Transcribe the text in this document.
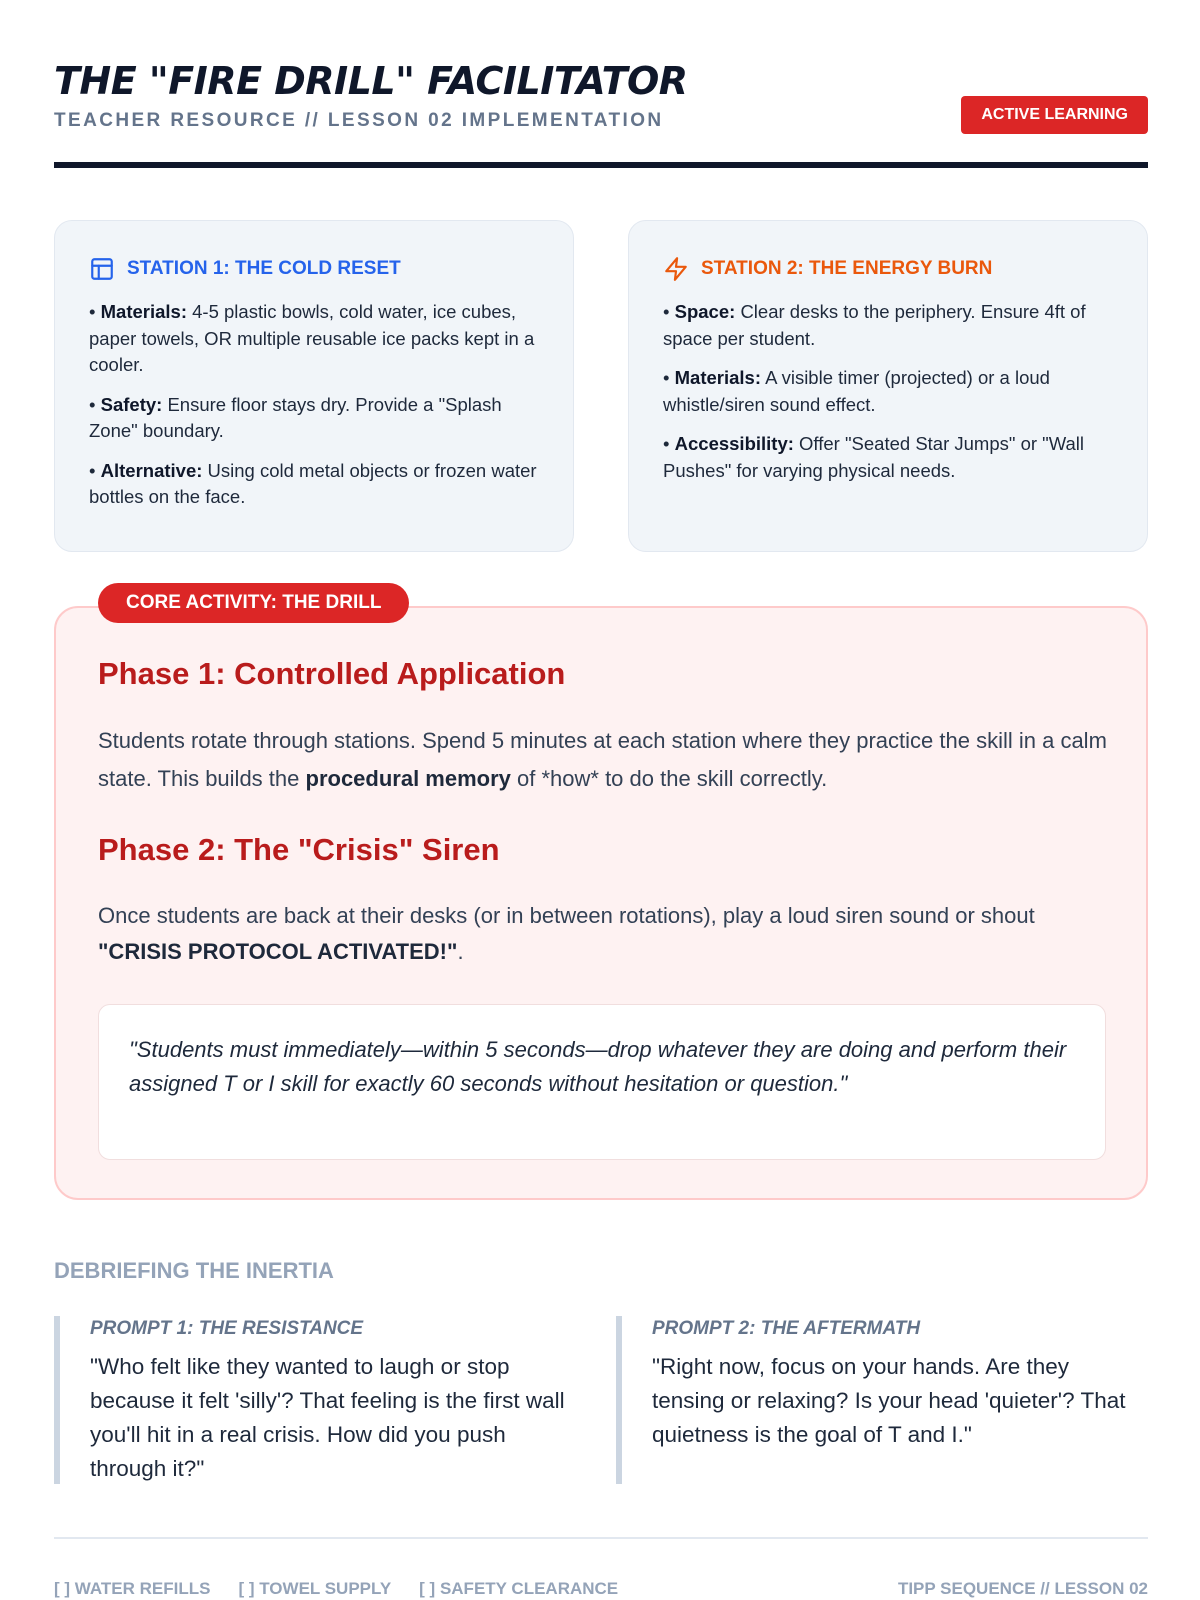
THE "FIRE DRILL" FACILITATOR
TEACHER RESOURCE // LESSON 02 IMPLEMENTATION	ACTIVE LEARNING
STATION 1: THE COLD RESET
• Materials: 4-5 plastic bowls, cold water, ice cubes, paper towels, OR multiple reusable ice packs kept in a cooler.
• Safety: Ensure floor stays dry. Provide a "Splash Zone" boundary.
• Alternative: Using cold metal objects or frozen water bottles on the face.
STATION 2: THE ENERGY BURN
• Space: Clear desks to the periphery. Ensure 4ft of space per student.
• Materials: A visible timer (projected) or a loud whistle/siren sound effect.
• Accessibility: Offer "Seated Star Jumps" or "Wall Pushes" for varying physical needs.
CORE ACTIVITY: THE DRILL
Phase 1: Controlled Application
Students rotate through stations. Spend 5 minutes at each station where they practice the skill in a calm state. This builds the procedural memory of *how* to do the skill correctly.
Phase 2: The "Crisis" Siren
Once students are back at their desks (or in between rotations), play a loud siren sound or shout "CRISIS PROTOCOL ACTIVATED!".
"Students must immediately—within 5 seconds—drop whatever they are doing and perform their assigned T or I skill for exactly 60 seconds without hesitation or question."
DEBRIEFING THE INERTIA
PROMPT 1: THE RESISTANCE
"Who felt like they wanted to laugh or stop because it felt 'silly'? That feeling is the first wall you'll hit in a real crisis. How did you push through it?"
PROMPT 2: THE AFTERMATH
"Right now, focus on your hands. Are they tensing or relaxing? Is your head 'quieter'? That quietness is the goal of T and I."
[ ] WATER REFILLS [ ] TOWEL SUPPLY [ ] SAFETY CLEARANCE	TIPP SEQUENCE // LESSON 02
